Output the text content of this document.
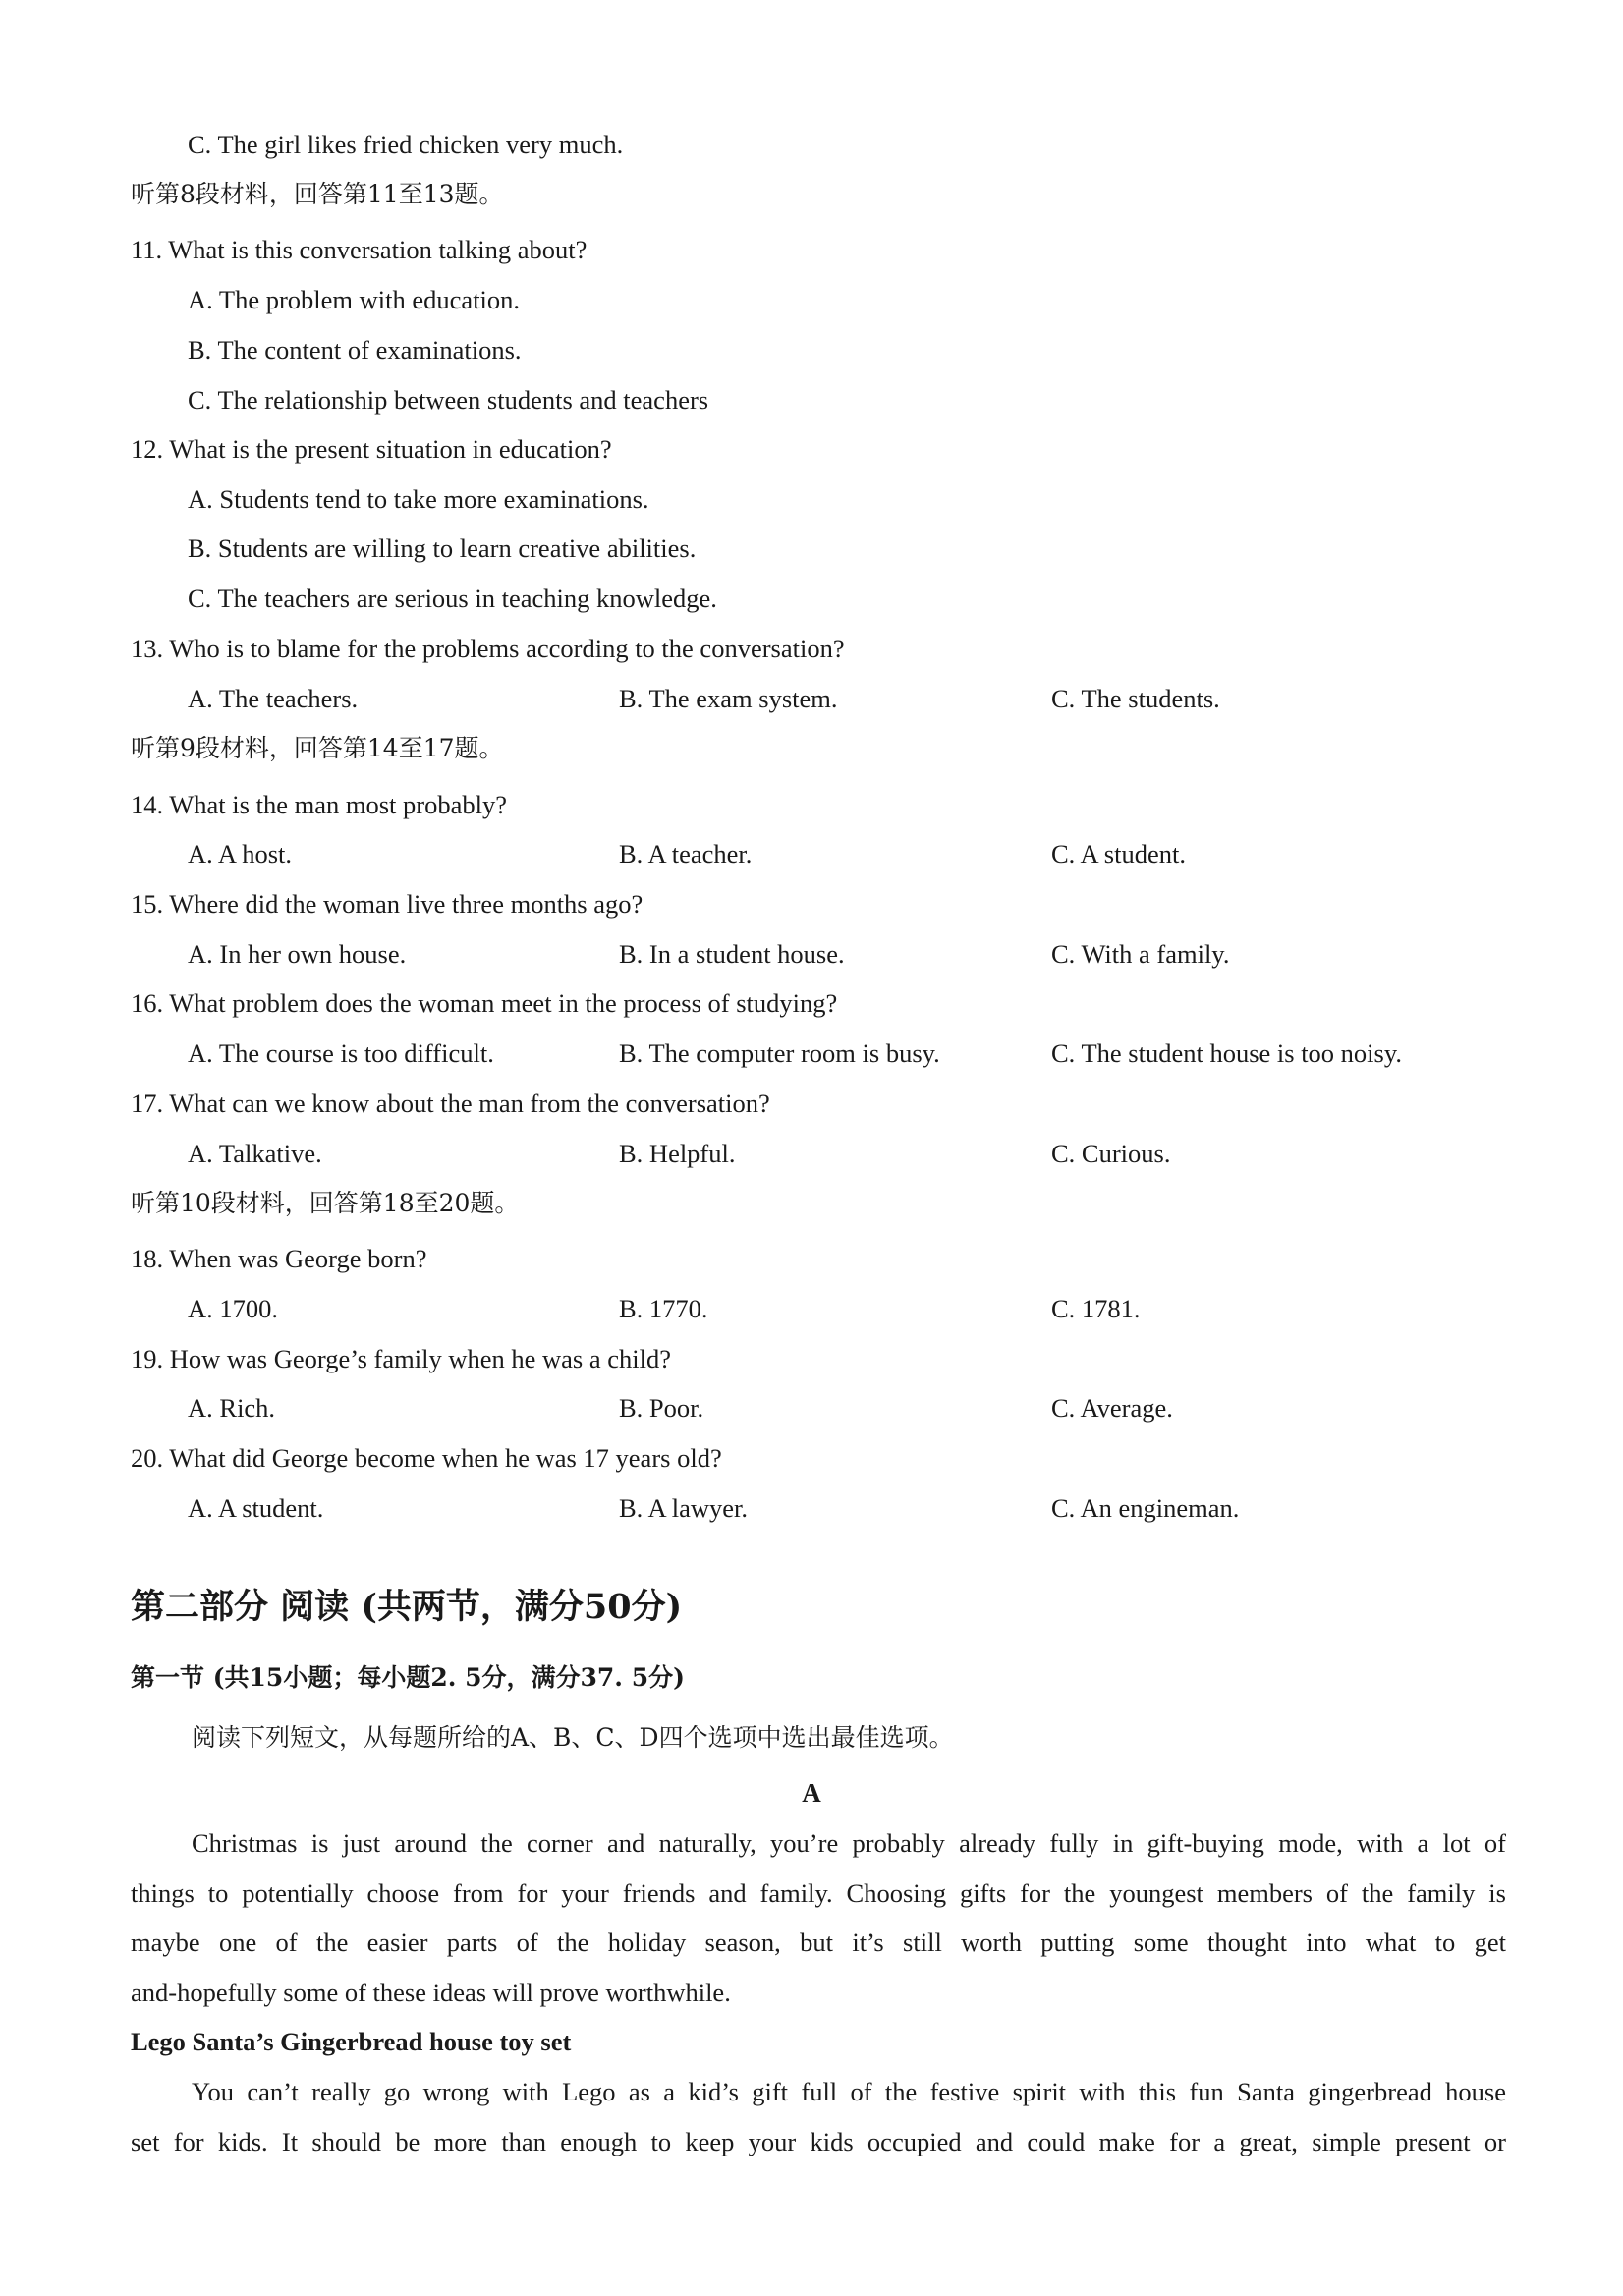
C. The girl likes fried chicken very much.
听第8段材料，回答第11至13题。
11. What is this conversation talking about?
A. The problem with education.
B. The content of examinations.
C. The relationship between students and teachers
12. What is the present situation in education?
A. Students tend to take more examinations.
B. Students are willing to learn creative abilities.
C. The teachers are serious in teaching knowledge.
13. Who is to blame for the problems according to the conversation?
A. The teachers.	B. The exam system.	C. The students.
听第9段材料，回答第14至17题。
14. What is the man most probably?
A. A host.	B. A teacher.	C. A student.
15. Where did the woman live three months ago?
A. In her own house.	B. In a student house.	C. With a family.
16. What problem does the woman meet in the process of studying?
A. The course is too difficult.	B. The computer room is busy.	C. The student house is too noisy.
17. What can we know about the man from the conversation?
A. Talkative.	B. Helpful.	C. Curious.
听第10段材料，回答第18至20题。
18. When was George born?
A. 1700.	B. 1770.	C. 1781.
19. How was George’s family when he was a child?
A. Rich.	B. Poor.	C. Average.
20. What did George become when he was 17 years old?
A. A student.	B. A lawyer.	C. An engineman.
第二部分 阅读 (共两节，满分50分)
第一节 (共15小题；每小题2. 5分，满分37. 5分)
阅读下列短文，从每题所给的A、B、C、D四个选项中选出最佳选项。
A
Christmas is just around the corner and naturally, you’re probably already fully in gift-buying mode, with a lot of
things to potentially choose from for your friends and family. Choosing gifts for the youngest members of the family is
maybe one of the easier parts of the holiday season, but it’s still worth putting some thought into what to get
and-hopefully some of these ideas will prove worthwhile.
Lego Santa’s Gingerbread house toy set
You can’t really go wrong with Lego as a kid’s gift full of the festive spirit with this fun Santa gingerbread house
set for kids. It should be more than enough to keep your kids occupied and could make for a great, simple present or
